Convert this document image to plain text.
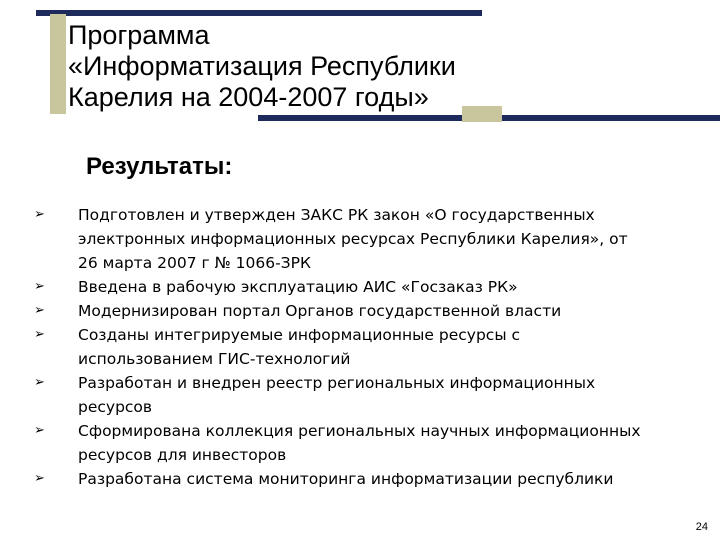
Программа
«Информатизация Республики
Карелия на 2004-2007 годы»
Результаты:
➢	Подготовлен и утвержден ЗАКС РК закон «О государственных
электронных информационных ресурсах Республики Карелия», от
26 марта 2007 г № 1066-ЗРК
➢	Введена в рабочую эксплуатацию АИС «Госзаказ РК»
➢	Модернизирован портал Органов государственной власти
➢	Созданы интегрируемые информационные ресурсы с
использованием ГИС-технологий
➢	Разработан и внедрен реестр региональных информационных
ресурсов
➢	Сформирована коллекция региональных научных информационных
ресурсов для инвесторов
➢	Разработана система мониторинга информатизации республики
24
